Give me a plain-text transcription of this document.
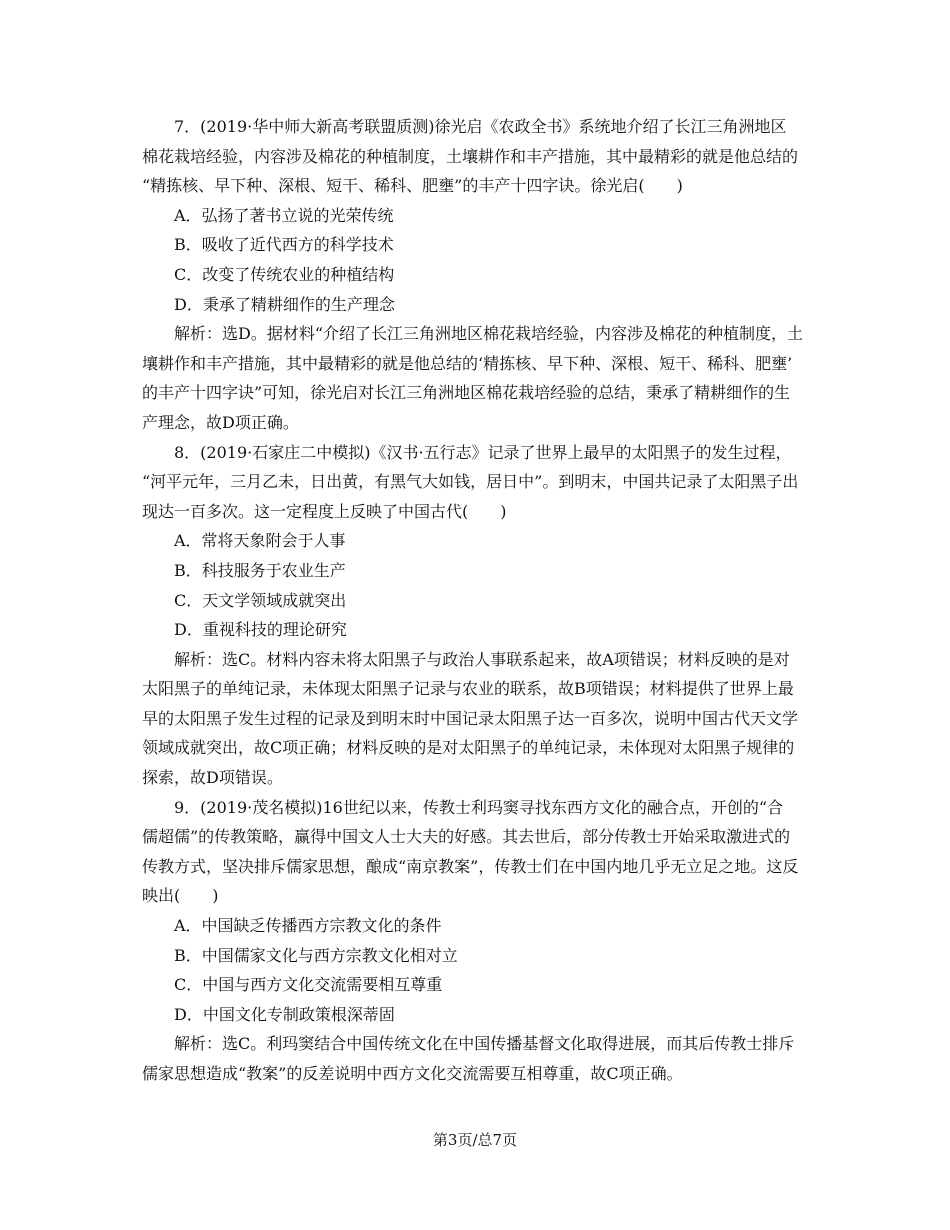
7．(2019·华中师大新高考联盟质测)徐光启《农政全书》系统地介绍了长江三角洲地区
棉花栽培经验，内容涉及棉花的种植制度，土壤耕作和丰产措施，其中最精彩的就是他总结的
“精拣核、早下种、深根、短干、稀科、肥壅”的丰产十四字诀。徐光启(　　)
A．弘扬了著书立说的光荣传统
B．吸收了近代西方的科学技术
C．改变了传统农业的种植结构
D．秉承了精耕细作的生产理念
解析：选D。据材料“介绍了长江三角洲地区棉花栽培经验，内容涉及棉花的种植制度，土
壤耕作和丰产措施，其中最精彩的就是他总结的‘精拣核、早下种、深根、短干、稀科、肥壅’
的丰产十四字诀”可知，徐光启对长江三角洲地区棉花栽培经验的总结，秉承了精耕细作的生
产理念，故D项正确。
8．(2019·石家庄二中模拟)《汉书·五行志》记录了世界上最早的太阳黑子的发生过程，
“河平元年，三月乙未，日出黄，有黑气大如钱，居日中”。到明末，中国共记录了太阳黑子出
现达一百多次。这一定程度上反映了中国古代(　　)
A．常将天象附会于人事
B．科技服务于农业生产
C．天文学领域成就突出
D．重视科技的理论研究
解析：选C。材料内容未将太阳黑子与政治人事联系起来，故A项错误；材料反映的是对
太阳黑子的单纯记录，未体现太阳黑子记录与农业的联系，故B项错误；材料提供了世界上最
早的太阳黑子发生过程的记录及到明末时中国记录太阳黑子达一百多次，说明中国古代天文学
领域成就突出，故C项正确；材料反映的是对太阳黑子的单纯记录，未体现对太阳黑子规律的
探索，故D项错误。
9．(2019·茂名模拟)16世纪以来，传教士利玛窦寻找东西方文化的融合点，开创的“合
儒超儒”的传教策略，赢得中国文人士大夫的好感。其去世后，部分传教士开始采取激进式的
传教方式，坚决排斥儒家思想，酿成“南京教案”，传教士们在中国内地几乎无立足之地。这反
映出(　　)
A．中国缺乏传播西方宗教文化的条件
B．中国儒家文化与西方宗教文化相对立
C．中国与西方文化交流需要相互尊重
D．中国文化专制政策根深蒂固
解析：选C。利玛窦结合中国传统文化在中国传播基督文化取得进展，而其后传教士排斥
儒家思想造成“教案”的反差说明中西方文化交流需要互相尊重，故C项正确。
第3页/总7页
